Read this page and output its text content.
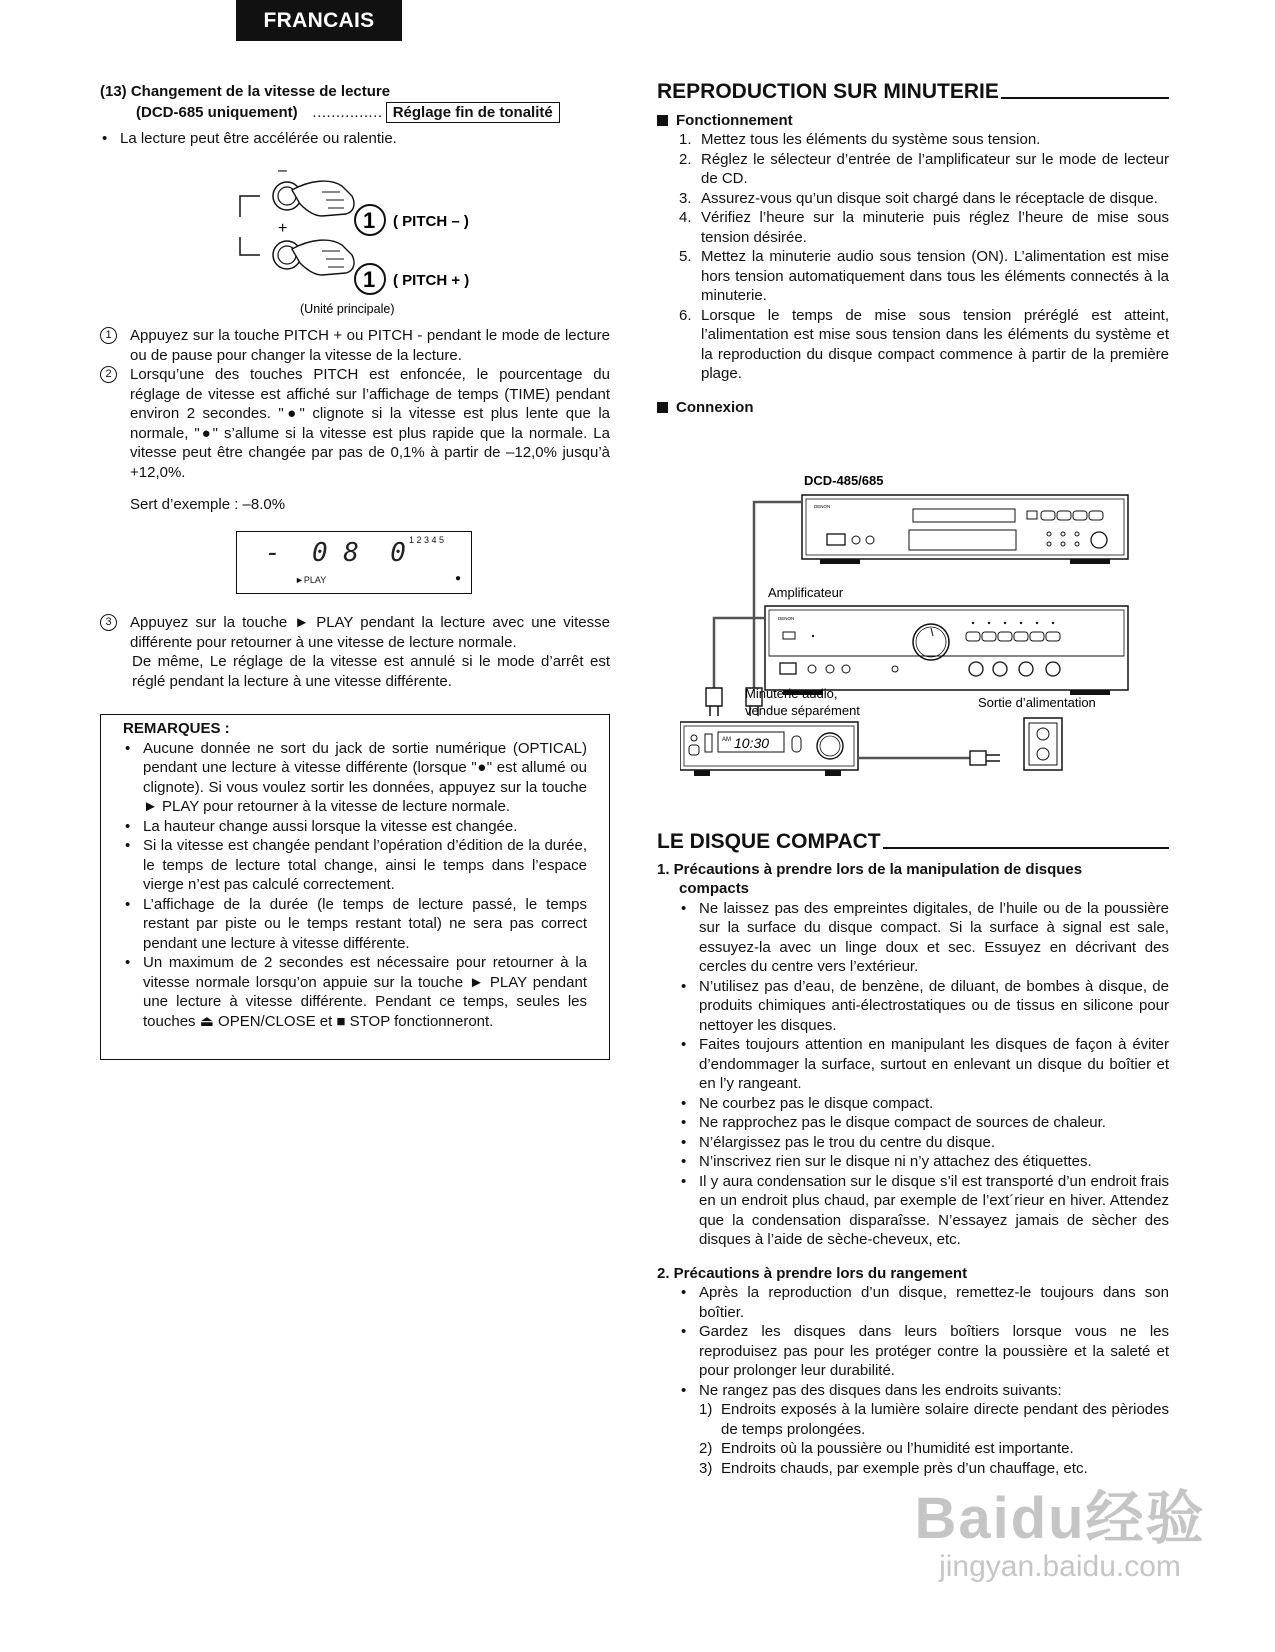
FRANCAIS
(13) Changement de la vitesse de lecture
(DCD-685 uniquement) …………… Réglage fin de tonalité
• La lecture peut être accélérée ou ralentie.
–
+	1 ( PITCH – )
1 ( PITCH + )
(Unité principale)
1	Appuyez sur la touche PITCH + ou PITCH - pendant le mode de lecture ou de pause pour changer la vitesse de la lecture.
2	Lorsqu’une des touches PITCH est enfoncée, le pourcentage du réglage de vitesse est affiché sur l’affichage de temps (TIME) pendant environ 2 secondes. "●" clignote si la vitesse est plus lente que la normale, "●" s’allume si la vitesse est plus rapide que la normale. La vitesse peut être changée par pas de 0,1% à partir de –12,0% jusqu’à +12,0%.
Sert d’exemple : –8.0%
-  0 8  0 1 2 3 4 5
►PLAY	●
3	Appuyez sur la touche ► PLAY pendant la lecture avec une vitesse différente pour retourner à une vitesse de lecture normale.
De même, Le réglage de la vitesse est annulé si le mode d’arrêt est réglé pendant la lecture à une vitesse différente.
REMARQUES :
• Aucune donnée ne sort du jack de sortie numérique (OPTICAL) pendant une lecture à vitesse différente (lorsque "●" est allumé ou clignote). Si vous voulez sortir les données, appuyez sur la touche ► PLAY pour retourner à la vitesse de lecture normale.
• La hauteur change aussi lorsque la vitesse est changée.
• Si la vitesse est changée pendant l’opération d’édition de la durée, le temps de lecture total change, ainsi le temps dans l’espace vierge n’est pas calculé correctement.
• L’affichage de la durée (le temps de lecture passé, le temps restant par piste ou le temps restant total) ne sera pas correct pendant une lecture à vitesse différente.
• Un maximum de 2 secondes est nécessaire pour retourner à la vitesse normale lorsqu’on appuie sur la touche ► PLAY pendant une lecture à vitesse différente. Pendant ce temps, seules les touches ⏏ OPEN/CLOSE et ■ STOP fonctionneront.
REPRODUCTION SUR MINUTERIE
Fonctionnement
1. Mettez tous les éléments du système sous tension.
2. Réglez le sélecteur d’entrée de l’amplificateur sur le mode de lecteur de CD.
3. Assurez-vous qu’un disque soit chargé dans le réceptacle de disque.
4. Vérifiez l’heure sur la minuterie puis réglez l’heure de mise sous tension désirée.
5. Mettez la minuterie audio sous tension (ON). L’alimentation est mise hors tension automatiquement dans tous les éléments connectés à la minuterie.
6. Lorsque le temps de mise sous tension préréglé est atteint, l’alimentation est mise sous tension dans les éléments du système et la reproduction du disque compact commence à partir de la première plage.
Connexion
DCD-485/685
DENON
Amplificateur
DENON
Minuterie audio,
vendue séparément
Sortie d’alimentation
AM 10:30
LE DISQUE COMPACT
1. Précautions à prendre lors de la manipulation de disques
compacts
• Ne laissez pas des empreintes digitales, de l’huile ou de la poussière sur la surface du disque compact. Si la surface à signal est sale, essuyez-la avec un linge doux et sec. Essuyez en décrivant des cercles du centre vers l’extérieur.
• N’utilisez pas d’eau, de benzène, de diluant, de bombes à disque, de produits chimiques anti-électrostatiques ou de tissus en silicone pour nettoyer les disques.
• Faites toujours attention en manipulant les disques de façon à éviter d’endommager la surface, surtout en enlevant un disque du boîtier et en l’y rangeant.
• Ne courbez pas le disque compact.
• Ne rapprochez pas le disque compact de sources de chaleur.
• N’élargissez pas le trou du centre du disque.
• N’inscrivez rien sur le disque ni n’y attachez des étiquettes.
• Il y aura condensation sur le disque s’il est transporté d’un endroit frais en un endroit plus chaud, par exemple de l’ext´rieur en hiver. Attendez que la condensation disparaîsse. N’essayez jamais de sècher des disques à l’aide de sèche-cheveux, etc.
2. Précautions à prendre lors du rangement
• Après la reproduction d’un disque, remettez-le toujours dans son boîtier.
• Gardez les disques dans leurs boîtiers lorsque vous ne les reproduisez pas pour les protéger contre la poussière et la saleté et pour prolonger leur durabilité.
• Ne rangez pas des disques dans les endroits suivants:
1) Endroits exposés à la lumière solaire directe pendant des pèriodes de temps prolongées.
2) Endroits où la poussière ou l’humidité est importante.
3) Endroits chauds, par exemple près d’un chauffage, etc.
Baidu经验
jingyan.baidu.com
